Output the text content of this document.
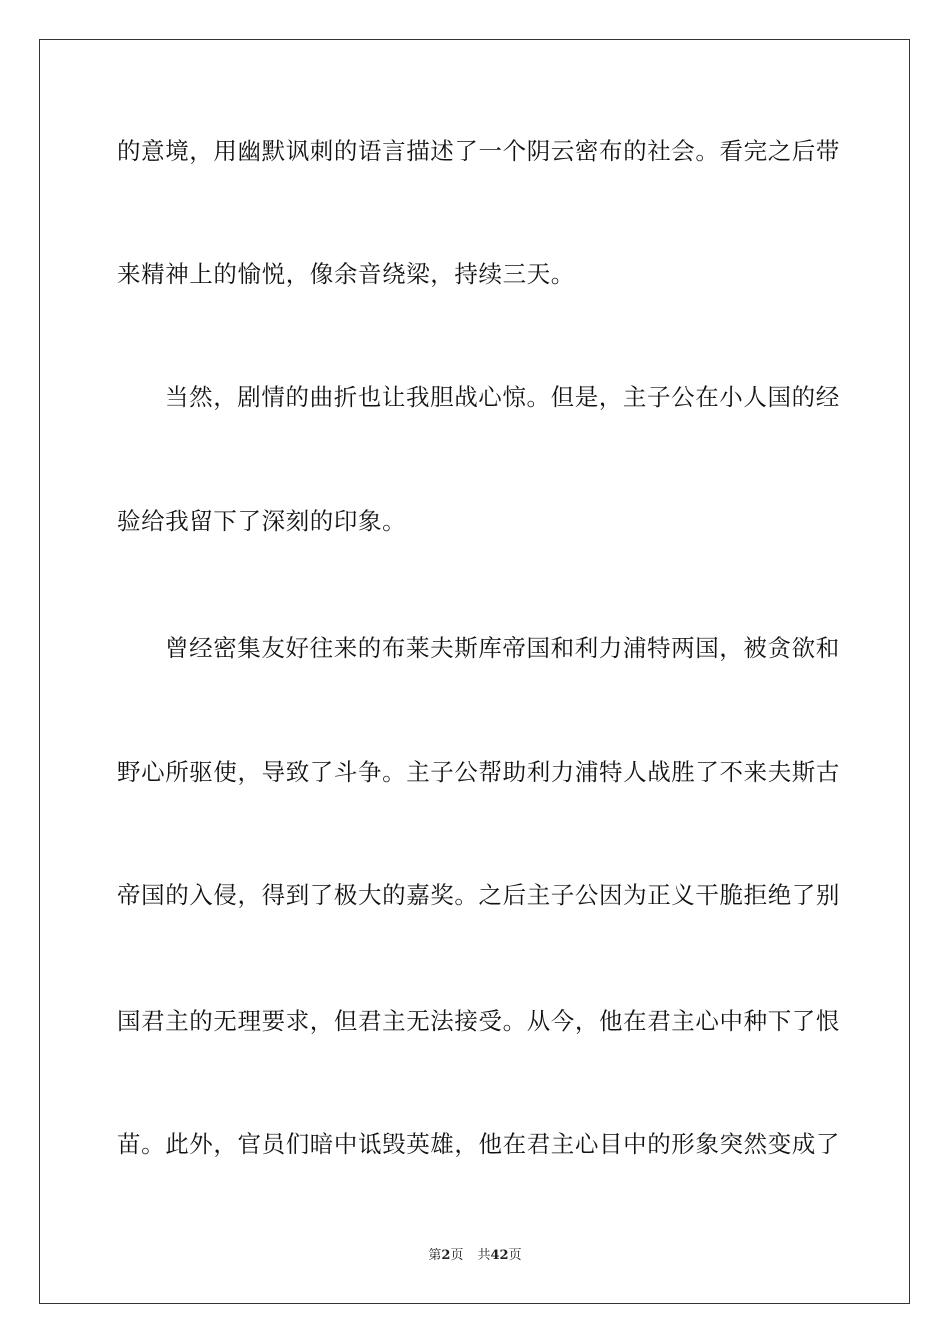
的意境，用幽默讽刺的语言描述了一个阴云密布的社会。看完之后带
来精神上的愉悦，像余音绕梁，持续三天。
当然，剧情的曲折也让我胆战心惊。但是，主子公在小人国的经
验给我留下了深刻的印象。
曾经密集友好往来的布莱夫斯库帝国和利力浦特两国，被贪欲和
野心所驱使，导致了斗争。主子公帮助利力浦特人战胜了不来夫斯古
帝国的入侵，得到了极大的嘉奖。之后主子公因为正义干脆拒绝了别
国君主的无理要求，但君主无法接受。从今，他在君主心中种下了恨
苗。此外，官员们暗中诋毁英雄，他在君主心目中的形象突然变成了
第2页 共42页
